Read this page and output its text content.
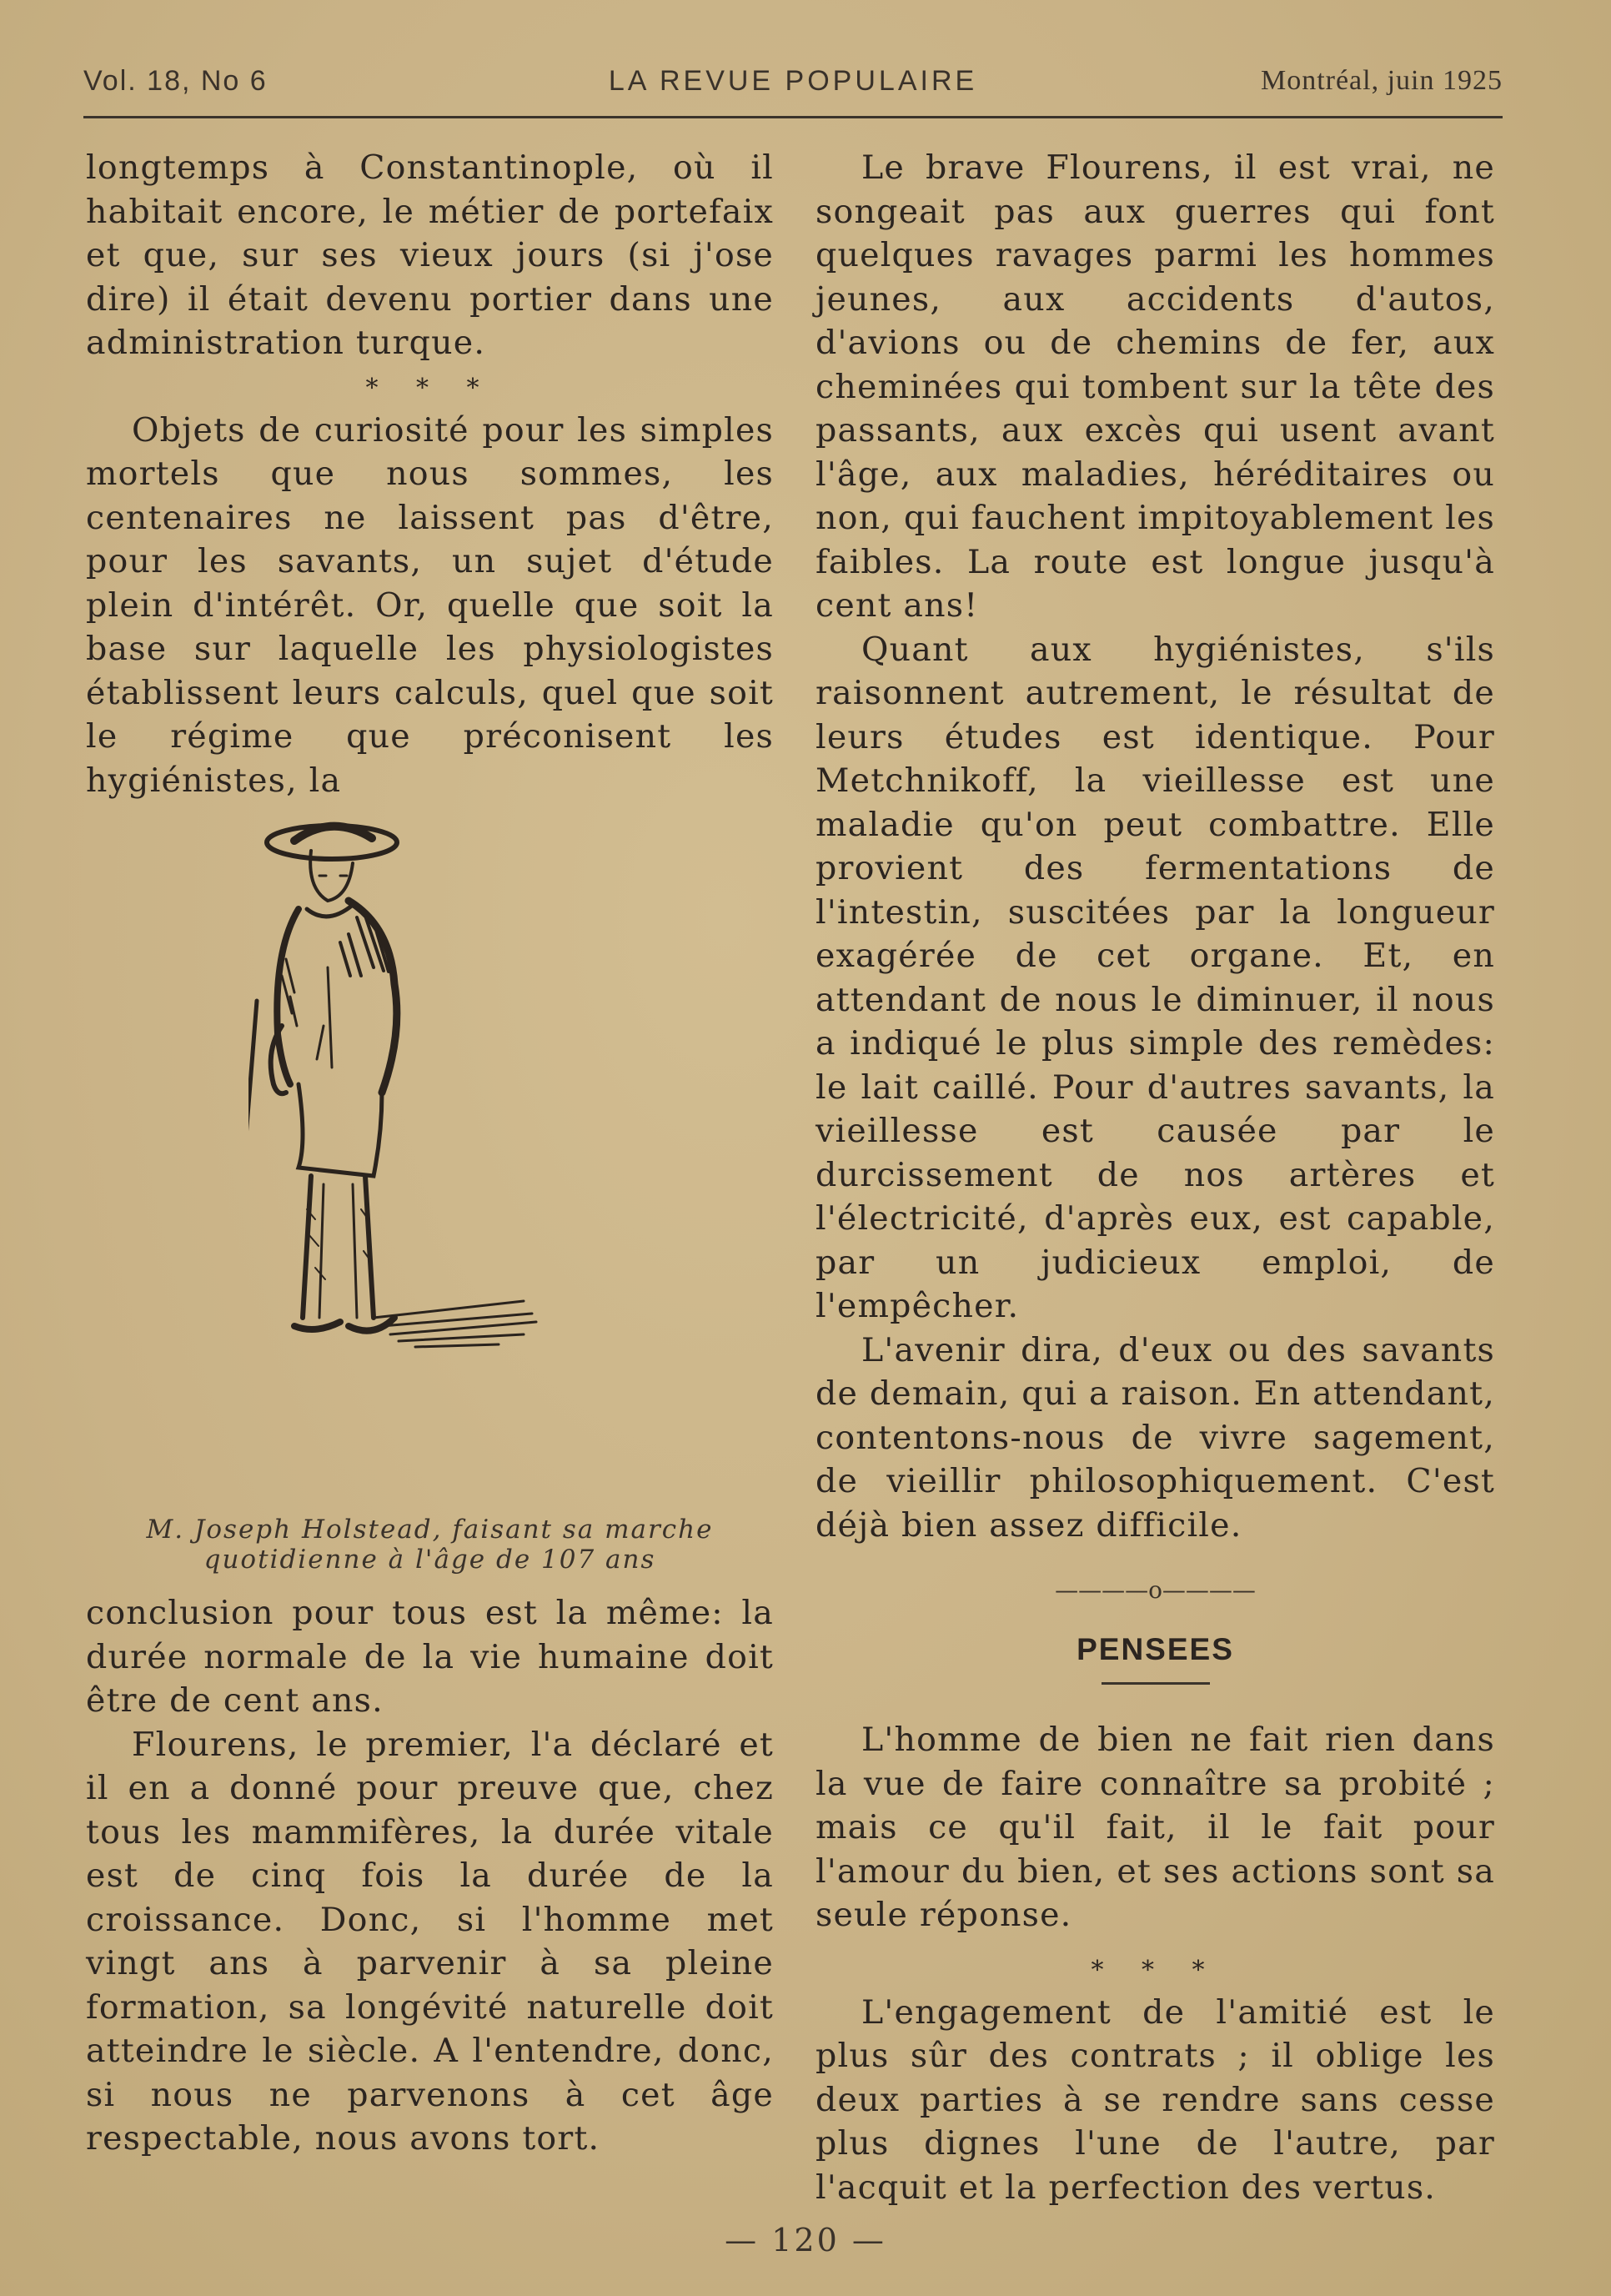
Vol. 18, No 6	LA REVUE POPULAIRE	Montréal, juin 1925

longtemps à Constantinople, où il habitait encore, le métier de portefaix et que, sur ses vieux jours (si j'ose dire) il était devenu portier dans une administration turque.

* * *

Objets de curiosité pour les simples mortels que nous sommes, les centenaires ne laissent pas d'être, pour les savants, un sujet d'étude plein d'intérêt. Or, quelle que soit la base sur laquelle les physiologistes établissent leurs calculs, quel que soit le régime que préconisent les hygiénistes, la

M. Joseph Holstead, faisant sa marche quotidienne à l'âge de 107 ans

conclusion pour tous est la même: la durée normale de la vie humaine doit être de cent ans.

Flourens, le premier, l'a déclaré et il en a donné pour preuve que, chez tous les mammifères, la durée vitale est de cinq fois la durée de la croissance. Donc, si l'homme met vingt ans à parvenir à sa pleine formation, sa longévité naturelle doit atteindre le siècle. A l'entendre, donc, si nous ne parvenons à cet âge respectable, nous avons tort.

Le brave Flourens, il est vrai, ne songeait pas aux guerres qui font quelques ravages parmi les hommes jeunes, aux accidents d'autos, d'avions ou de chemins de fer, aux cheminées qui tombent sur la tête des passants, aux excès qui usent avant l'âge, aux maladies, héréditaires ou non, qui fauchent impitoyablement les faibles. La route est longue jusqu'à cent ans!

Quant aux hygiénistes, s'ils raisonnent autrement, le résultat de leurs études est identique. Pour Metchnikoff, la vieillesse est une maladie qu'on peut combattre. Elle provient des fermentations de l'intestin, suscitées par la longueur exagérée de cet organe. Et, en attendant de nous le diminuer, il nous a indiqué le plus simple des remèdes: le lait caillé. Pour d'autres savants, la vieillesse est causée par le durcissement de nos artères et l'électricité, d'après eux, est capable, par un judicieux emploi, de l'empêcher.

L'avenir dira, d'eux ou des savants de demain, qui a raison. En attendant, contentons-nous de vivre sagement, de vieillir philosophiquement. C'est déjà bien assez difficile.

————o————
PENSEES

L'homme de bien ne fait rien dans la vue de faire connaître sa probité ; mais ce qu'il fait, il le fait pour l'amour du bien, et ses actions sont sa seule réponse.

* * *

L'engagement de l'amitié est le plus sûr des contrats ; il oblige les deux parties à se rendre sans cesse plus dignes l'une de l'autre, par l'acquit et la perfection des vertus.

— 120 —
